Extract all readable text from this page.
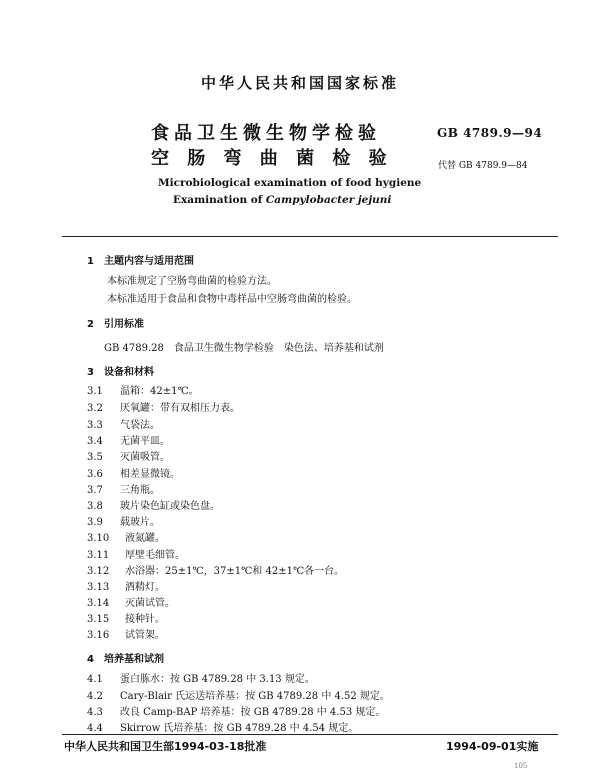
中华人民共和国国家标准
食品卫生微生物学检验
空 肠 弯 曲 菌 检 验
GB 4789.9—94
代替 GB 4789.9—84
Microbiological examination of food hygiene
Examination of Campylobacter jejuni
1　主题内容与适用范围
本标准规定了空肠弯曲菌的检验方法。
本标准适用于食品和食物中毒样品中空肠弯曲菌的检验。
2　引用标准
GB 4789.28　食品卫生微生物学检验　染色法、培养基和试剂
3　设备和材料
3.1 温箱：42±1℃。
3.2 厌氧罐：带有双相压力表。
3.3 气袋法。
3.4 无菌平皿。
3.5 灭菌吸管。
3.6 相差显微镜。
3.7 三角瓶。
3.8 玻片染色缸或染色盘。
3.9 载玻片。
3.10 液氮罐。
3.11 厚壁毛细管。
3.12 水浴器：25±1℃，37±1℃和 42±1℃各一台。
3.13 酒精灯。
3.14 灭菌试管。
3.15 接种针。
3.16 试管架。
4　培养基和试剂
4.1 蛋白胨水：按 GB 4789.28 中 3.13 规定。
4.2 Cary-Blair 氏运送培养基：按 GB 4789.28 中 4.52 规定。
4.3 改良 Camp-BAP 培养基：按 GB 4789.28 中 4.53 规定。
4.4 Skirrow 氏培养基：按 GB 4789.28 中 4.54 规定。
中华人民共和国卫生部1994-03-18批准	1994-09-01实施
105
